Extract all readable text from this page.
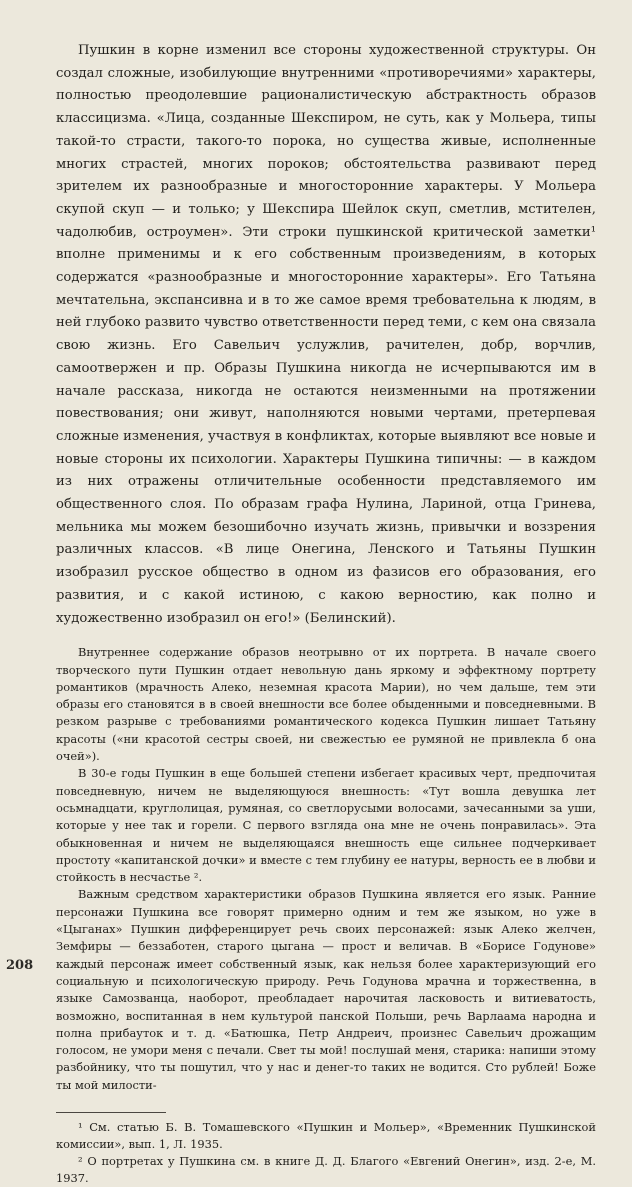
Пушкин в корне изменил все стороны художественной структуры. Он создал сложные, изобилующие внутренними «противоречиями» характеры, полностью преодолевшие рационалистическую абстрактность образов классицизма. «Лица, созданные Шекспиром, не суть, как у Мольера, типы такой-то страсти, такого-то порока, но существа живые, исполненные многих страстей, многих пороков; обстоятельства развивают перед зрителем их разнообразные и многосторонние характеры. У Мольера скупой скуп — и только; у Шекспира Шейлок скуп, сметлив, мстителен, чадолюбив, остроумен». Эти строки пушкинской критической заметки¹ вполне применимы и к его собственным произведениям, в которых содержатся «разнообразные и многосторонние характеры». Его Татьяна мечтательна, экспансивна и в то же самое время требовательна к людям, в ней глубоко развито чувство ответственности перед теми, с кем она связала свою жизнь. Его Савельич услужлив, рачителен, добр, ворчлив, самоотвержен и пр. Образы Пушкина никогда не исчерпываются им в начале рассказа, никогда не остаются неизменными на протяжении повествования; они живут, наполняются новыми чертами, претерпевая сложные изменения, участвуя в конфликтах, которые выявляют все новые и новые стороны их психологии. Характеры Пушкина типичны: — в каждом из них отражены отличительные особенности представляемого им общественного слоя. По образам графа Нулина, Лариной, отца Гринева, мельника мы можем безошибочно изучать жизнь, привычки и воззрения различных классов. «В лице Онегина, Ленского и Татьяны Пушкин изобразил русское общество в одном из фазисов его образования, его развития, и с какой истиною, с какою верностию, как полно и художественно изобразил он его!» (Белинский).

Внутреннее содержание образов неотрывно от их портрета. В начале своего творческого пути Пушкин отдает невольную дань яркому и эффектному портрету романтиков (мрачность Алеко, неземная красота Марии), но чем дальше, тем эти образы его становятся в в своей внешности все более обыденными и повседневными. В резком разрыве с требованиями романтического кодекса Пушкин лишает Татьяну красоты («ни красотой сестры своей, ни свежестью ее румяной не привлекла б она очей»).

В 30-е годы Пушкин в еще большей степени избегает красивых черт, предпочитая повседневную, ничем не выделяющуюся внешность: «Тут вошла девушка лет осьмнадцати, круглолицая, румяная, со светлорусыми волосами, зачесанными за уши, которые у нее так и горели. С первого взгляда она мне не очень понравилась». Эта обыкновенная и ничем не выделяющаяся внешность еще сильнее подчеркивает простоту «капитанской дочки» и вместе с тем глубину ее натуры, верность ее в любви и стойкость в несчастье ².

Важным средством характеристики образов Пушкина является его язык. Ранние персонажи Пушкина все говорят примерно одним и тем же языком, но уже в «Цыганах» Пушкин дифференцирует речь своих персонажей: язык Алеко желчен, Земфиры — беззаботен, старого цыгана — прост и величав. В «Борисе Годунове» каждый персонаж имеет собственный язык, как нельзя более характеризующий его социальную и психологическую природу. Речь Годунова мрачна и торжественна, в языке Самозванца, наоборот, преобладает нарочитая ласковость и витиеватость, возможно, воспитанная в нем культурой панской Польши, речь Варлаама народна и полна прибауток и т. д. «Батюшка, Петр Андреич, произнес Савельич дрожащим голосом, не умори меня с печали. Свет ты мой! послушай меня, старика: напиши этому разбойнику, что ты пошутил, что у нас и денег-то таких не водится. Сто рублей! Боже ты мой милости-

¹ См. статью Б. В. Томашевского «Пушкин и Мольер», «Временник Пушкинской комиссии», вып. 1, Л. 1935.

² О портретах у Пушкина см. в книге Д. Д. Благого «Евгений Онегин», изд. 2-е, М. 1937.

208
